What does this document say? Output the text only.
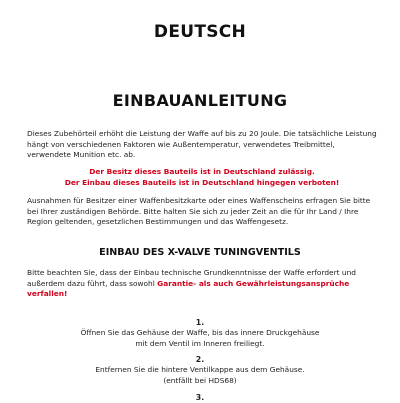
DEUTSCH
EINBAUANLEITUNG

Dieses Zubehörteil erhöht die Leistung der Waffe auf bis zu 20 Joule. Die tatsächliche Leistung hängt von verschiedenen Faktoren wie Außentemperatur, verwendetes Treibmittel, verwendete Munition etc. ab.

Der Besitz dieses Bauteils ist in Deutschland zulässig.
Der Einbau dieses Bauteils ist in Deutschland hingegen verboten!

Ausnahmen für Besitzer einer Waffenbesitzkarte oder eines Waffenscheins erfragen Sie bitte bei Ihrer zuständigen Behörde. Bitte halten Sie sich zu jeder Zeit an die für Ihr Land / Ihre Region geltenden, gesetzlichen Bestimmungen und das Waffengesetz.

EINBAU DES X-VALVE TUNINGVENTILS

Bitte beachten Sie, dass der Einbau technische Grundkenntnisse der Waffe erfordert und außerdem dazu führt, dass sowohl Garantie- als auch Gewährleistungsansprüche verfallen!

1.
Öffnen Sie das Gehäuse der Waffe, bis das innere Druckgehäuse
mit dem Ventil im Inneren freiliegt.
2.
Entfernen Sie die hintere Ventilkappe aus dem Gehäuse.
(entfällt bei HDS68)
3.
